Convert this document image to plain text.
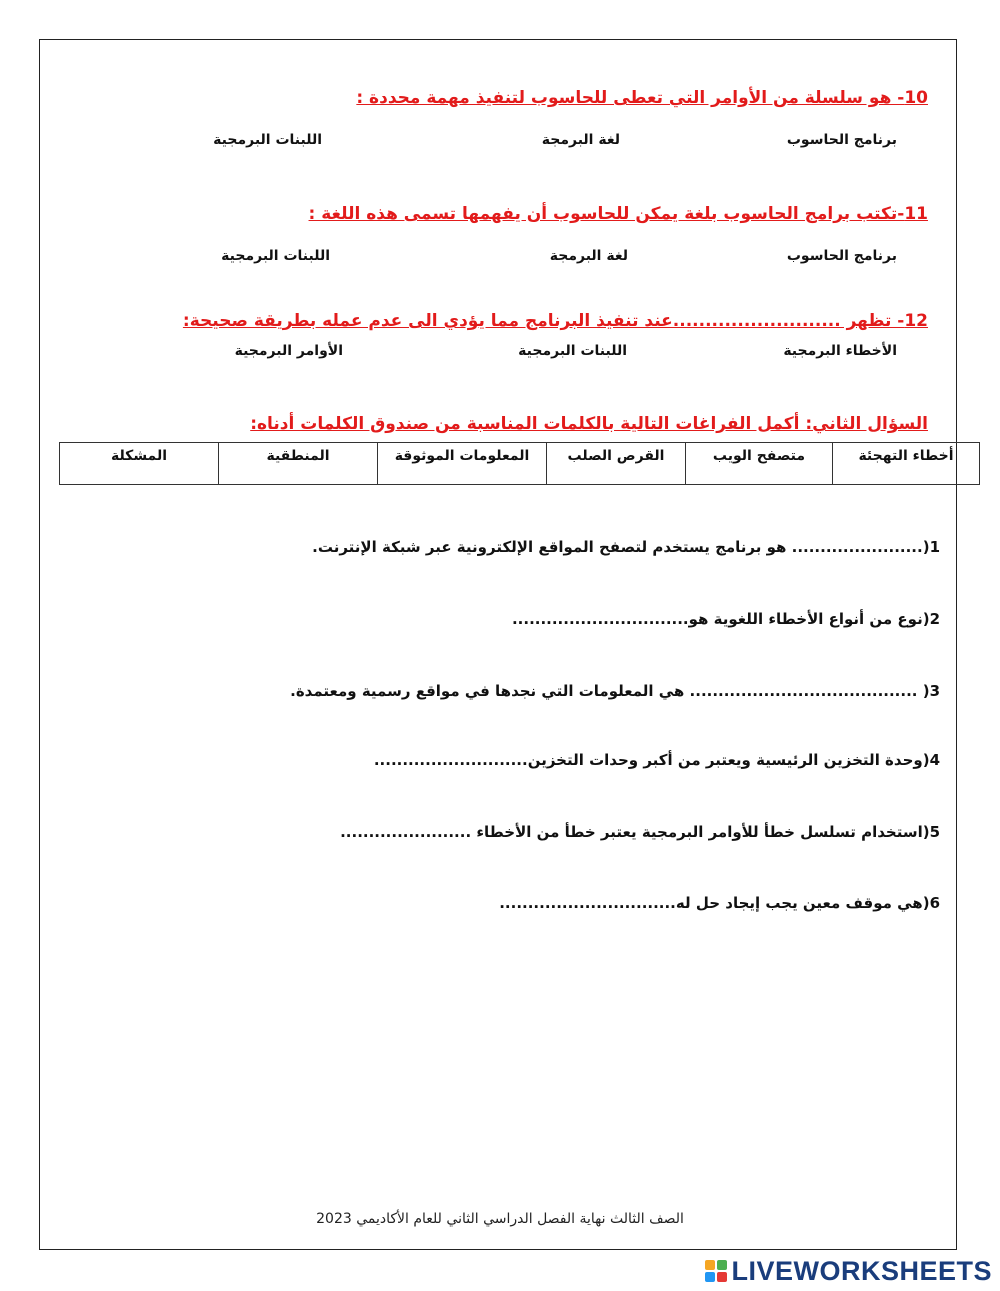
10- هو سلسلة من الأوامر التي تعطى للحاسوب لتنفيذ مهمة محددة :
برنامج الحاسوب
لغة البرمجة
اللبنات البرمجية
11-تكتب برامج الحاسوب بلغة يمكن للحاسوب أن يفهمها تسمى هذه اللغة :
برنامج الحاسوب
لغة البرمجة
اللبنات البرمجية
12- تظهر ..........................عند تنفيذ البرنامج مما يؤدي الى عدم عمله بطريقة صحيحة:
الأخطاء البرمجية
اللبنات البرمجية
الأوامر البرمجية
السؤال الثاني: أكمل الفراغات التالية بالكلمات المناسبة من صندوق الكلمات أدناه:
المشكلة	المنطقية	المعلومات الموثوقة	القرص الصلب	متصفح الويب	أخطاء التهجئة
1(....................... هو برنامج يستخدم لتصفح المواقع الإلكترونية عبر شبكة الإنترنت.
2(نوع من أنواع الأخطاء اللغوية هو...............................
3( ........................................ هي المعلومات التي نجدها في مواقع رسمية ومعتمدة.
4(وحدة التخزين الرئيسية ويعتبر من أكبر وحدات التخزين...........................
5(استخدام تسلسل خطأ للأوامر البرمجية يعتبر خطأ من الأخطاء .......................
6(هي موقف معين يجب إيجاد حل له...............................
الصف الثالث نهاية الفصل الدراسي الثاني للعام الأكاديمي 2023
LIVEWORKSHEETS
